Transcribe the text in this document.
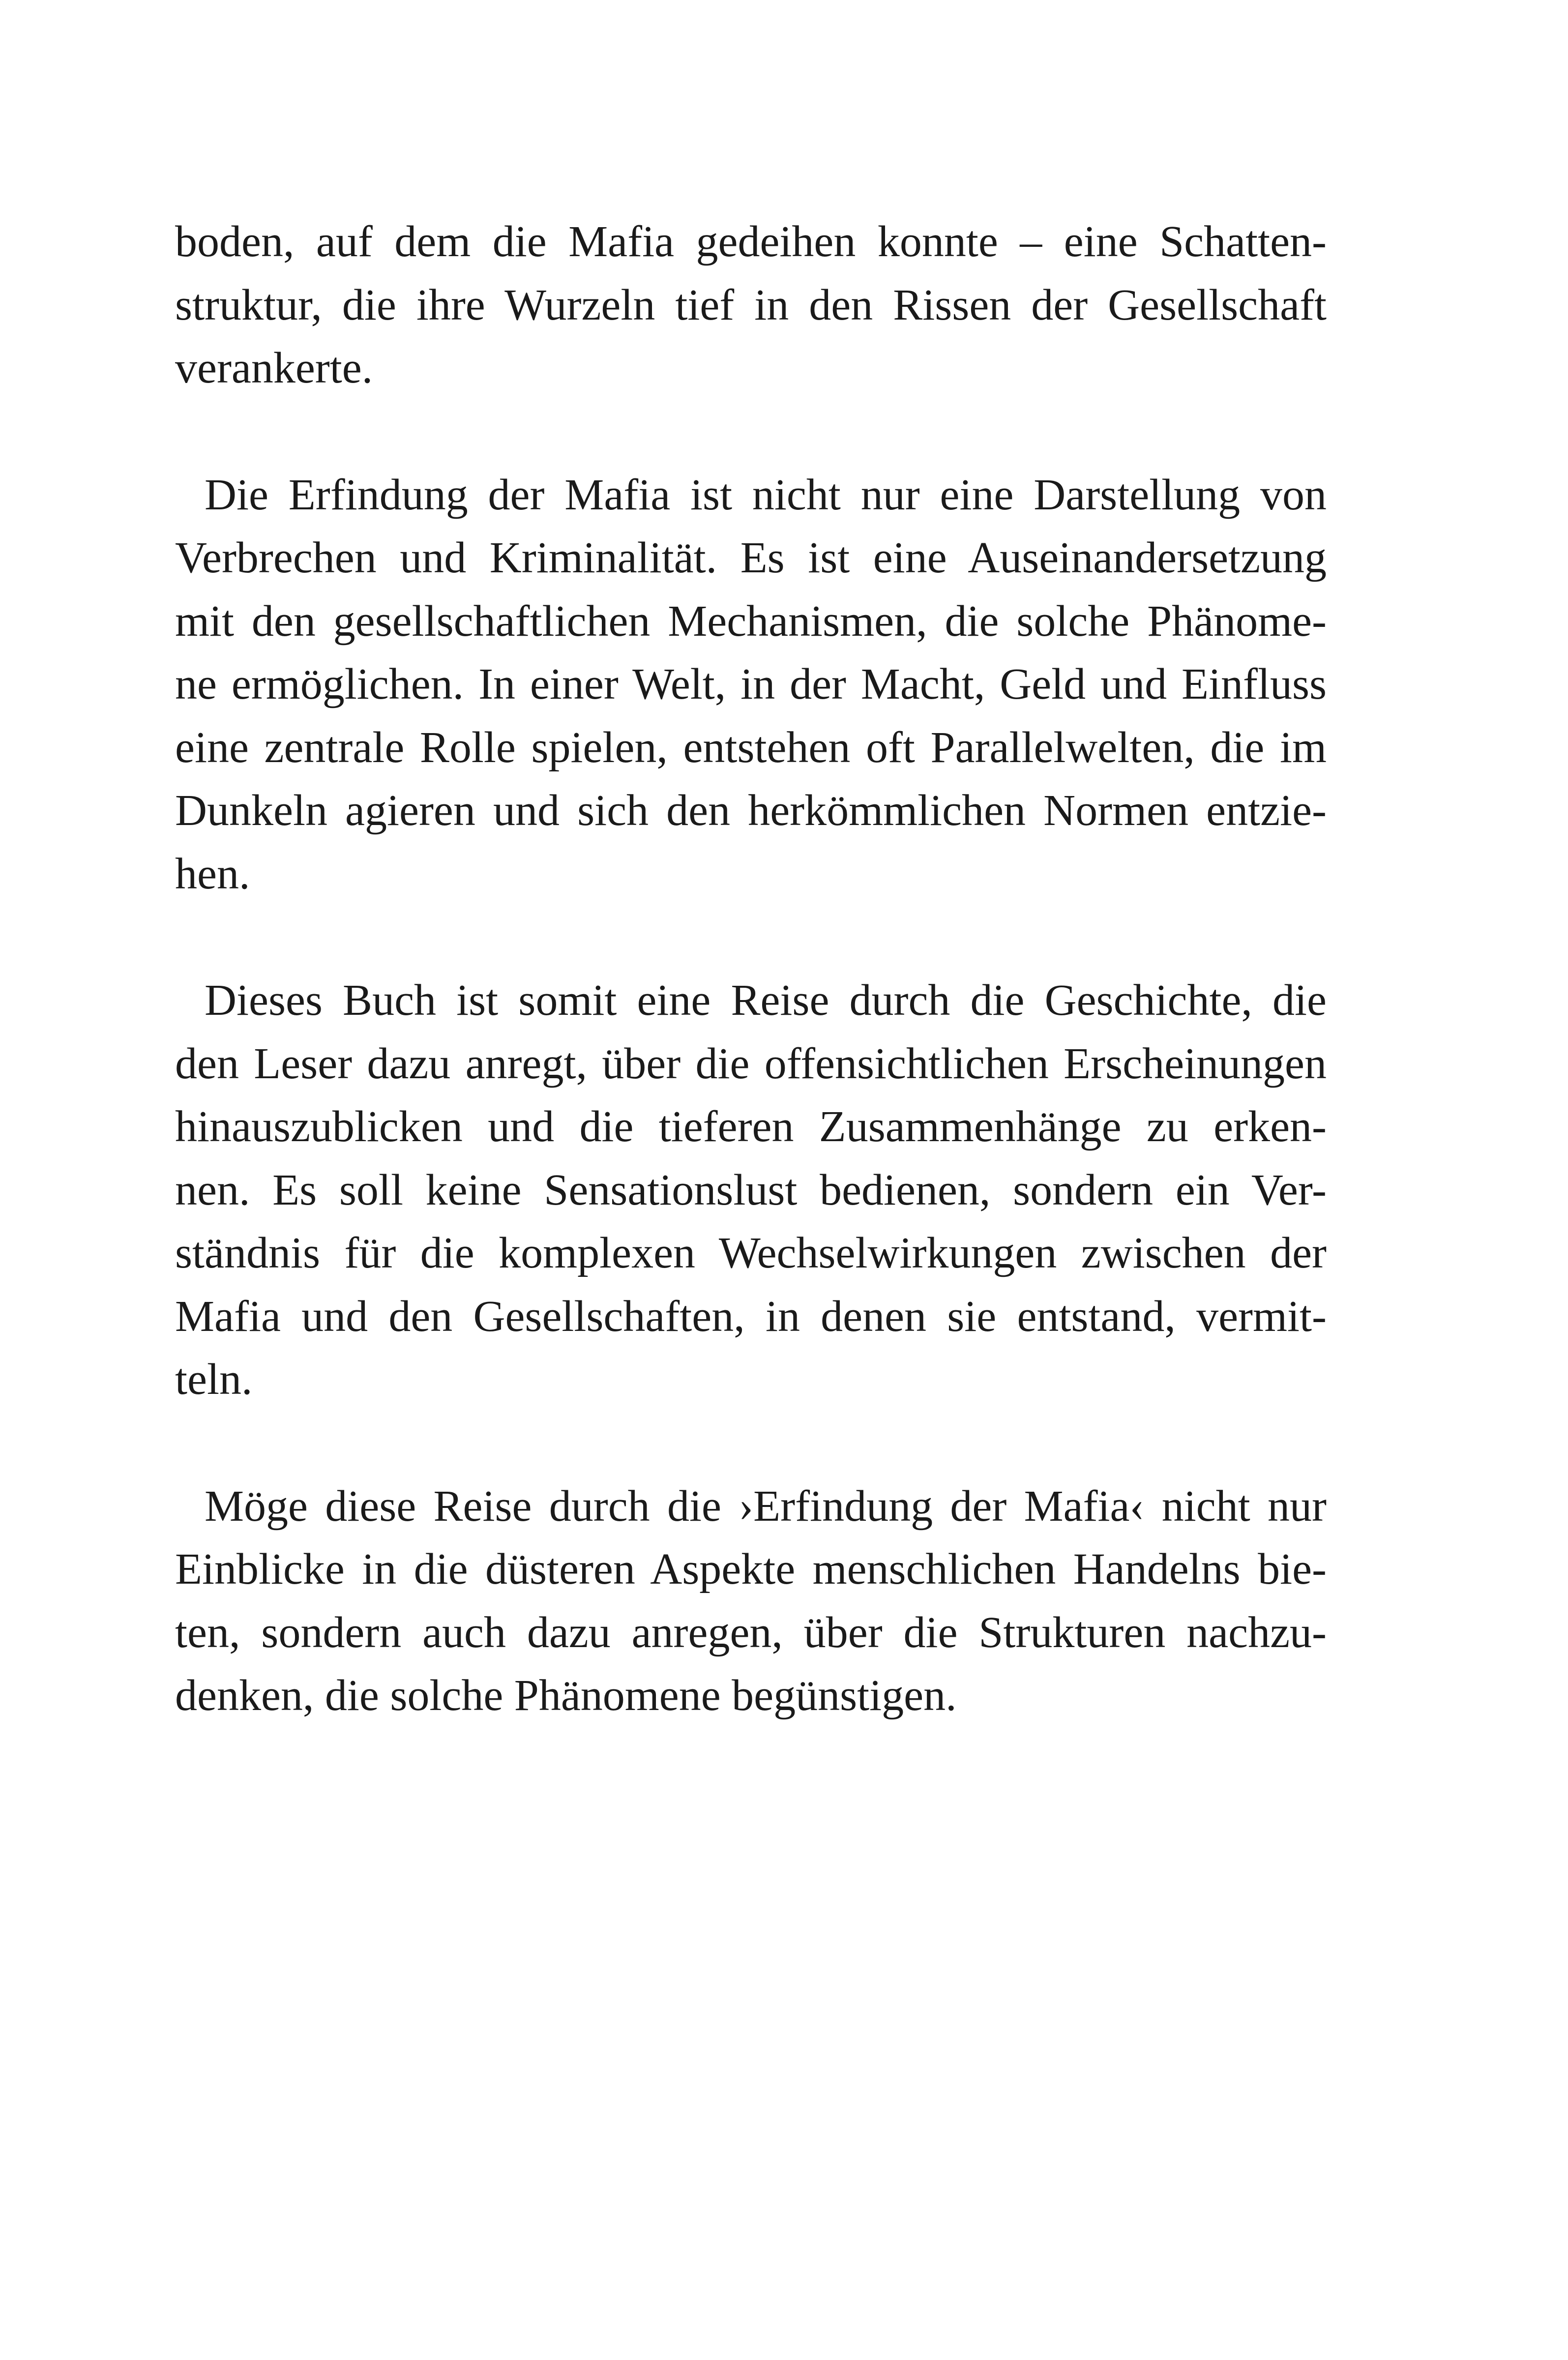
boden, auf dem die Mafia gedeihen konnte – eine Schatten-
struktur, die ihre Wurzeln tief in den Rissen der Gesellschaft
verankerte.
Die Erfindung der Mafia ist nicht nur eine Darstellung von
Verbrechen und Kriminalität. Es ist eine Auseinandersetzung
mit den gesellschaftlichen Mechanismen, die solche Phänome-
ne ermöglichen. In einer Welt, in der Macht, Geld und Einfluss
eine zentrale Rolle spielen, entstehen oft Parallelwelten, die im
Dunkeln agieren und sich den herkömmlichen Normen entzie-
hen.
Dieses Buch ist somit eine Reise durch die Geschichte, die
den Leser dazu anregt, über die offensichtlichen Erscheinungen
hinauszublicken und die tieferen Zusammenhänge zu erken-
nen. Es soll keine Sensationslust bedienen, sondern ein Ver-
ständnis für die komplexen Wechselwirkungen zwischen der
Mafia und den Gesellschaften, in denen sie entstand, vermit-
teln.
Möge diese Reise durch die ›Erfindung der Mafia‹ nicht nur
Einblicke in die düsteren Aspekte menschlichen Handelns bie-
ten, sondern auch dazu anregen, über die Strukturen nachzu-
denken, die solche Phänomene begünstigen.
